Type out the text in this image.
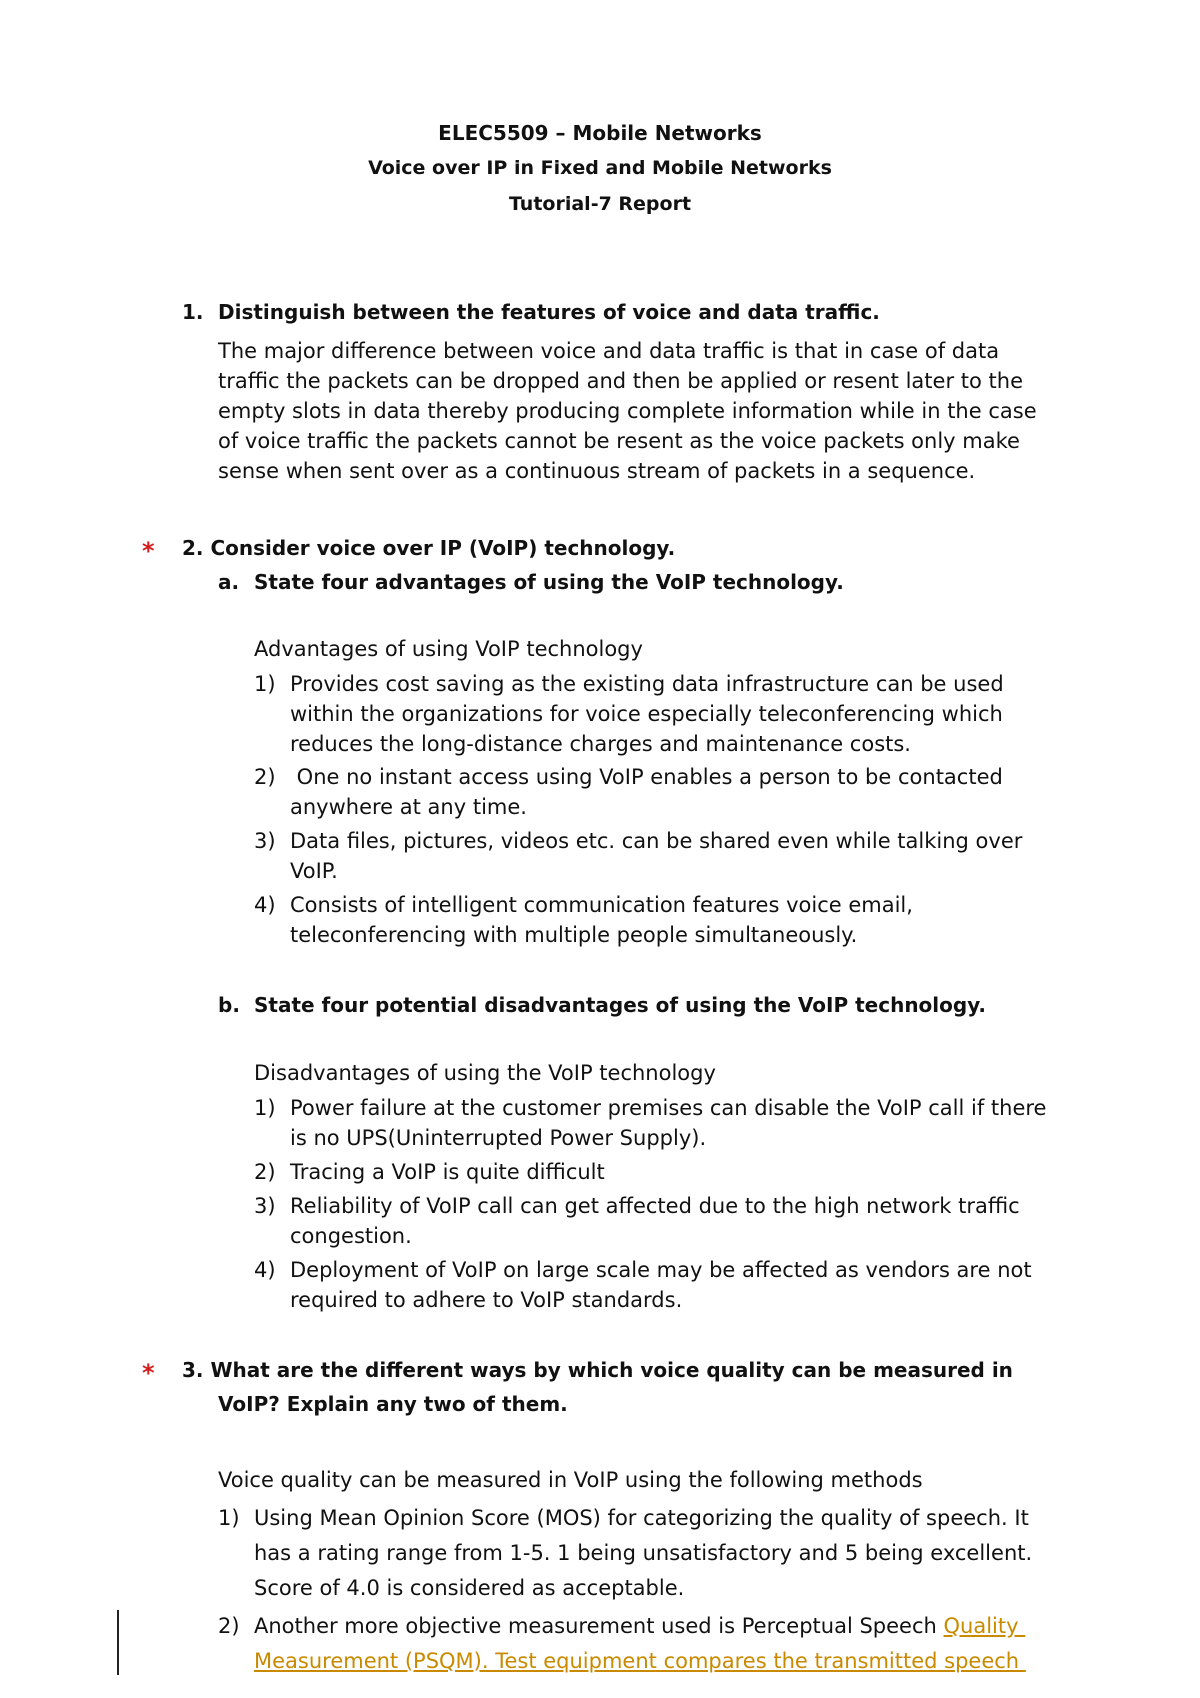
ELEC5509 – Mobile Networks
Voice over IP in Fixed and Mobile Networks
Tutorial-7 Report
1. Distinguish between the features of voice and data traffic.
The major difference between voice and data traffic is that in case of data
traffic the packets can be dropped and then be applied or resent later to the
empty slots in data thereby producing complete information while in the case
of voice traffic the packets cannot be resent as the voice packets only make
sense when sent over as a continuous stream of packets in a sequence.
* 2. Consider voice over IP (VoIP) technology.
a. State four advantages of using the VoIP technology.
Advantages of using VoIP technology
1) Provides cost saving as the existing data infrastructure can be used
within the organizations for voice especially teleconferencing which
reduces the long-distance charges and maintenance costs.
2) One no instant access using VoIP enables a person to be contacted
anywhere at any time.
3) Data files, pictures, videos etc. can be shared even while talking over
VoIP.
4) Consists of intelligent communication features voice email,
teleconferencing with multiple people simultaneously.
b. State four potential disadvantages of using the VoIP technology.
Disadvantages of using the VoIP technology
1) Power failure at the customer premises can disable the VoIP call if there
is no UPS(Uninterrupted Power Supply).
2) Tracing a VoIP is quite difficult
3) Reliability of VoIP call can get affected due to the high network traffic
congestion.
4) Deployment of VoIP on large scale may be affected as vendors are not
required to adhere to VoIP standards.
* 3. What are the different ways by which voice quality can be measured in
VoIP? Explain any two of them.
Voice quality can be measured in VoIP using the following methods
1) Using Mean Opinion Score (MOS) for categorizing the quality of speech. It
has a rating range from 1-5. 1 being unsatisfactory and 5 being excellent.
Score of 4.0 is considered as acceptable.
2) Another more objective measurement used is Perceptual Speech Quality
Measurement (PSQM). Test equipment compares the transmitted speech
